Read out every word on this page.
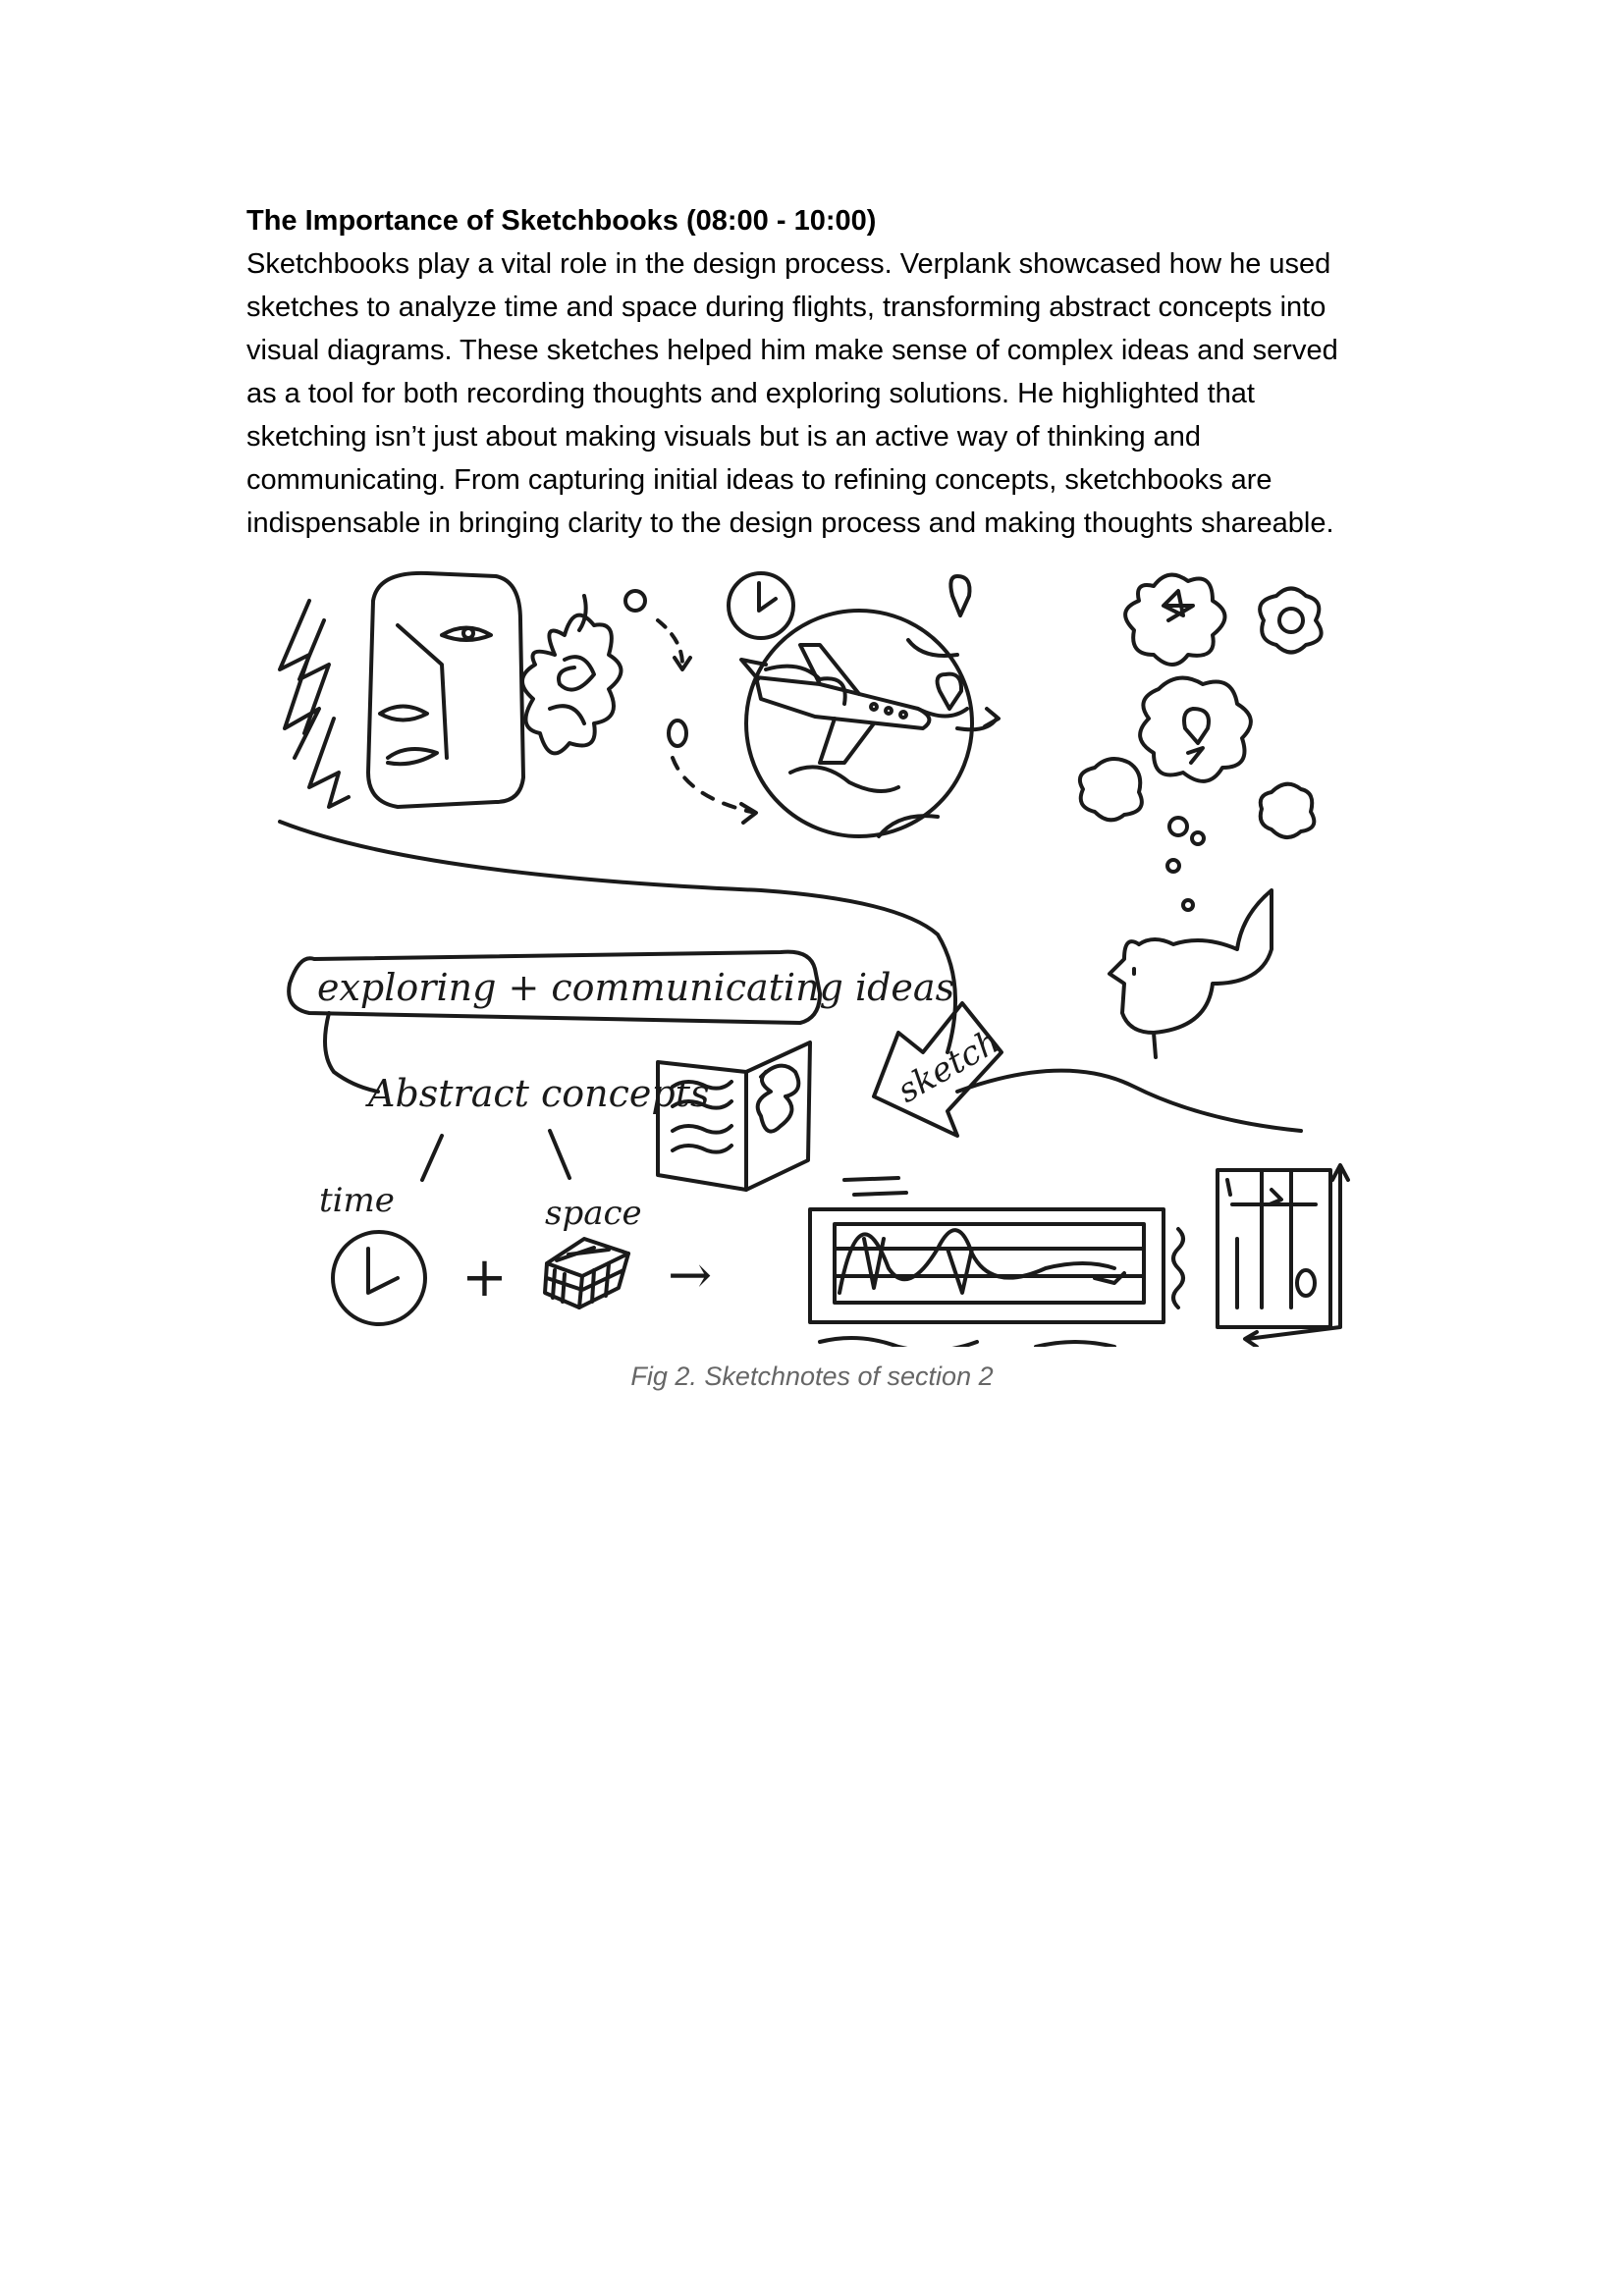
The Importance of Sketchbooks (08:00 - 10:00)

Sketchbooks play a vital role in the design process. Verplank showcased how he used
sketches to analyze time and space during flights, transforming abstract concepts into
visual diagrams. These sketches helped him make sense of complex ideas and served
as a tool for both recording thoughts and exploring solutions. He highlighted that
sketching isn’t just about making visuals but is an active way of thinking and
communicating. From capturing initial ideas to refining concepts, sketchbooks are
indispensable in bringing clarity to the design process and making thoughts shareable.

sketch
exploring + communicating ideas
Abstract concepts
time
+
space
→

Fig 2. Sketchnotes of section 2
